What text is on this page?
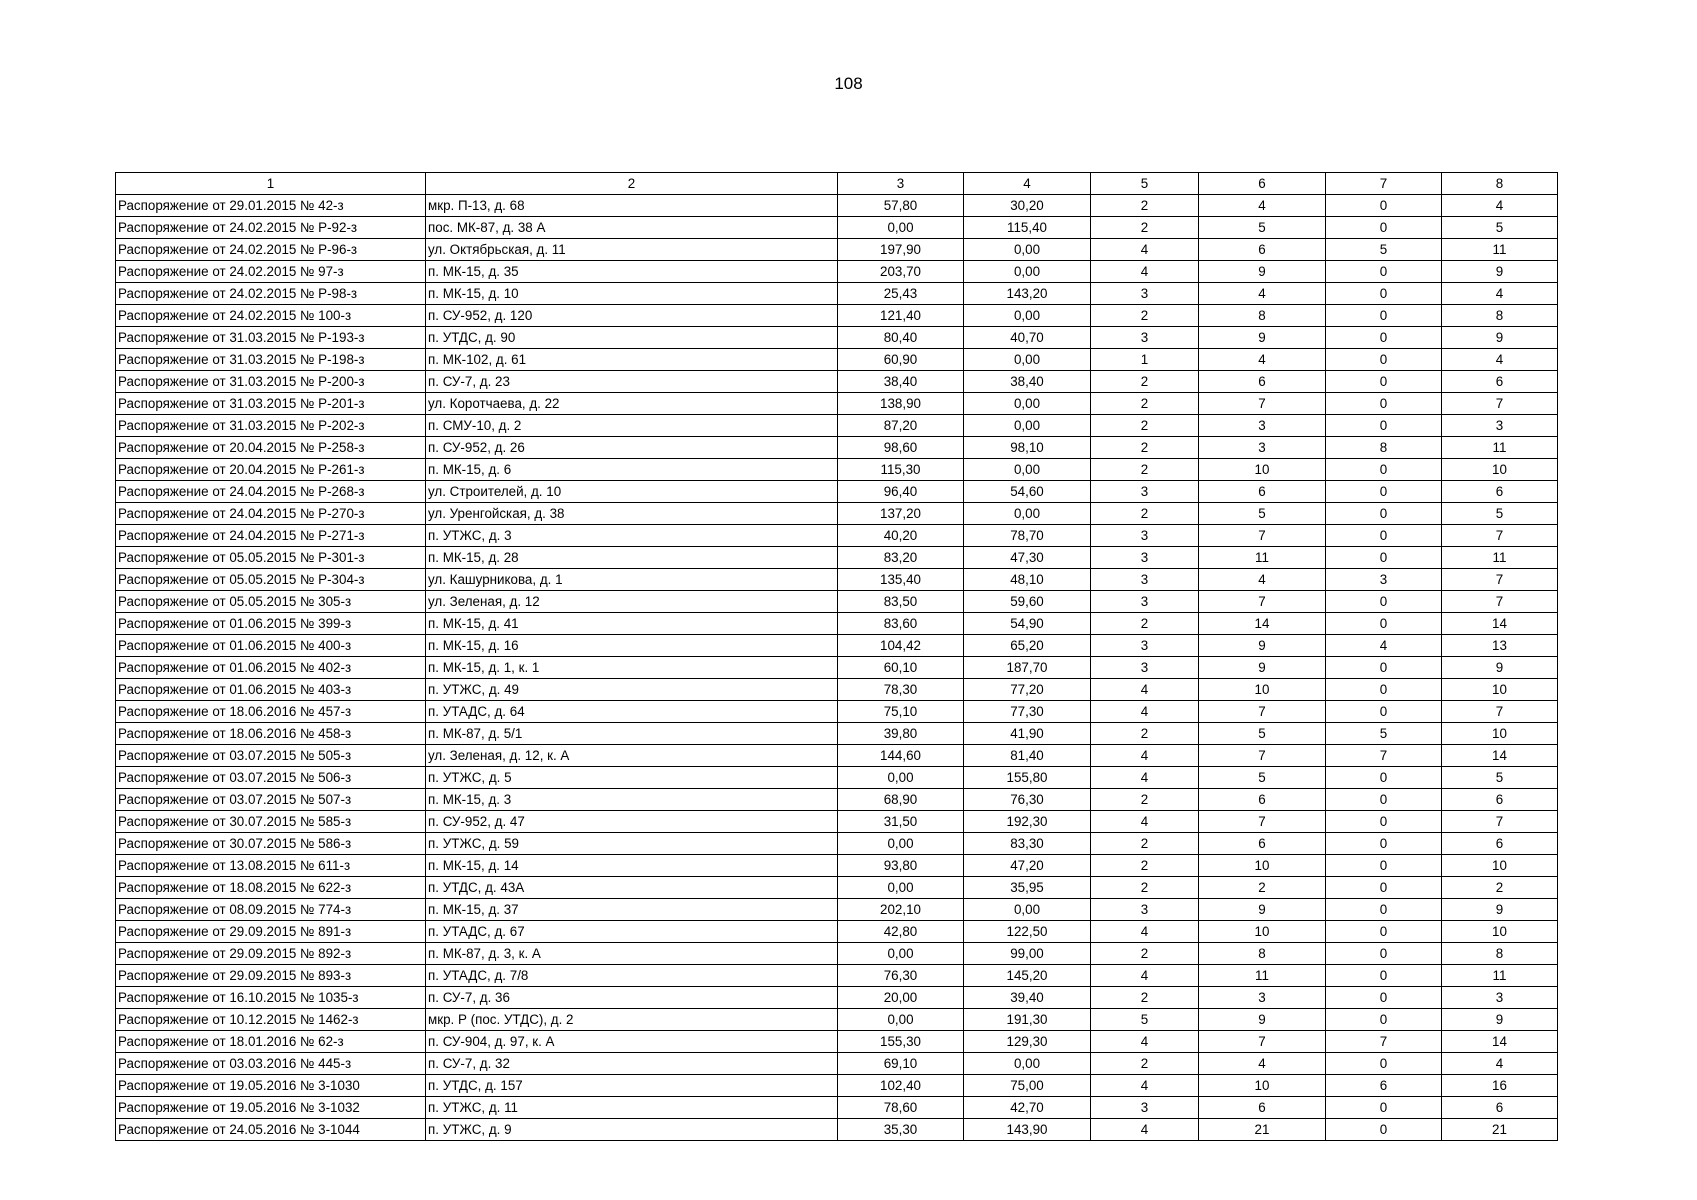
108
1	2	3	4	5	6	7	8
Распоряжение от 29.01.2015 № 42-з	мкр. П-13, д. 68	57,80	30,20	2	4	0	4
Распоряжение от 24.02.2015 № Р-92-з	пос. МК-87, д. 38 А	0,00	115,40	2	5	0	5
Распоряжение от 24.02.2015 № Р-96-з	ул. Октябрьская, д. 11	197,90	0,00	4	6	5	11
Распоряжение от 24.02.2015 № 97-з	п. МК-15, д. 35	203,70	0,00	4	9	0	9
Распоряжение от 24.02.2015 № Р-98-з	п. МК-15, д. 10	25,43	143,20	3	4	0	4
Распоряжение от 24.02.2015 № 100-з	п. СУ-952, д. 120	121,40	0,00	2	8	0	8
Распоряжение от 31.03.2015 № Р-193-з	п. УТДС, д. 90	80,40	40,70	3	9	0	9
Распоряжение от 31.03.2015 № Р-198-з	п. МК-102, д. 61	60,90	0,00	1	4	0	4
Распоряжение от 31.03.2015 № Р-200-з	п. СУ-7, д. 23	38,40	38,40	2	6	0	6
Распоряжение от 31.03.2015 № Р-201-з	ул. Коротчаева, д. 22	138,90	0,00	2	7	0	7
Распоряжение от 31.03.2015 № Р-202-з	п. СМУ-10, д. 2	87,20	0,00	2	3	0	3
Распоряжение от 20.04.2015 № Р-258-з	п. СУ-952, д. 26	98,60	98,10	2	3	8	11
Распоряжение от 20.04.2015 № Р-261-з	п. МК-15, д. 6	115,30	0,00	2	10	0	10
Распоряжение от 24.04.2015 № Р-268-з	ул. Строителей, д. 10	96,40	54,60	3	6	0	6
Распоряжение от 24.04.2015 № Р-270-з	ул. Уренгойская, д. 38	137,20	0,00	2	5	0	5
Распоряжение от 24.04.2015 № Р-271-з	п. УТЖС, д. 3	40,20	78,70	3	7	0	7
Распоряжение от 05.05.2015 № Р-301-з	п. МК-15, д. 28	83,20	47,30	3	11	0	11
Распоряжение от 05.05.2015 № Р-304-з	ул. Кашурникова, д. 1	135,40	48,10	3	4	3	7
Распоряжение от 05.05.2015 № 305-з	ул. Зеленая, д. 12	83,50	59,60	3	7	0	7
Распоряжение от 01.06.2015 № 399-з	п. МК-15, д. 41	83,60	54,90	2	14	0	14
Распоряжение от 01.06.2015 № 400-з	п. МК-15, д. 16	104,42	65,20	3	9	4	13
Распоряжение от 01.06.2015 № 402-з	п. МК-15, д. 1, к. 1	60,10	187,70	3	9	0	9
Распоряжение от 01.06.2015 № 403-з	п. УТЖС, д. 49	78,30	77,20	4	10	0	10
Распоряжение от 18.06.2016 № 457-з	п. УТАДС, д. 64	75,10	77,30	4	7	0	7
Распоряжение от 18.06.2016 № 458-з	п. МК-87, д. 5/1	39,80	41,90	2	5	5	10
Распоряжение от 03.07.2015 № 505-з	ул. Зеленая, д. 12, к. А	144,60	81,40	4	7	7	14
Распоряжение от 03.07.2015 № 506-з	п. УТЖС, д. 5	0,00	155,80	4	5	0	5
Распоряжение от 03.07.2015 № 507-з	п. МК-15, д. 3	68,90	76,30	2	6	0	6
Распоряжение от 30.07.2015 № 585-з	п. СУ-952, д. 47	31,50	192,30	4	7	0	7
Распоряжение от 30.07.2015 № 586-з	п. УТЖС, д. 59	0,00	83,30	2	6	0	6
Распоряжение от 13.08.2015 № 611-з	п. МК-15, д. 14	93,80	47,20	2	10	0	10
Распоряжение от 18.08.2015 № 622-з	п. УТДС, д. 43А	0,00	35,95	2	2	0	2
Распоряжение от 08.09.2015 № 774-з	п. МК-15, д. 37	202,10	0,00	3	9	0	9
Распоряжение от 29.09.2015 № 891-з	п. УТАДС, д. 67	42,80	122,50	4	10	0	10
Распоряжение от 29.09.2015 № 892-з	п. МК-87, д. 3, к. А	0,00	99,00	2	8	0	8
Распоряжение от 29.09.2015 № 893-з	п. УТАДС, д. 7/8	76,30	145,20	4	11	0	11
Распоряжение от 16.10.2015 № 1035-з	п. СУ-7, д. 36	20,00	39,40	2	3	0	3
Распоряжение от 10.12.2015 № 1462-з	мкр. Р (пос. УТДС), д. 2	0,00	191,30	5	9	0	9
Распоряжение от 18.01.2016 № 62-з	п. СУ-904, д. 97, к. А	155,30	129,30	4	7	7	14
Распоряжение от 03.03.2016 № 445-з	п. СУ-7, д. 32	69,10	0,00	2	4	0	4
Распоряжение от 19.05.2016 № 3-1030	п. УТДС, д. 157	102,40	75,00	4	10	6	16
Распоряжение от 19.05.2016 № 3-1032	п. УТЖС, д. 11	78,60	42,70	3	6	0	6
Распоряжение от 24.05.2016 № 3-1044	п. УТЖС, д. 9	35,30	143,90	4	21	0	21
